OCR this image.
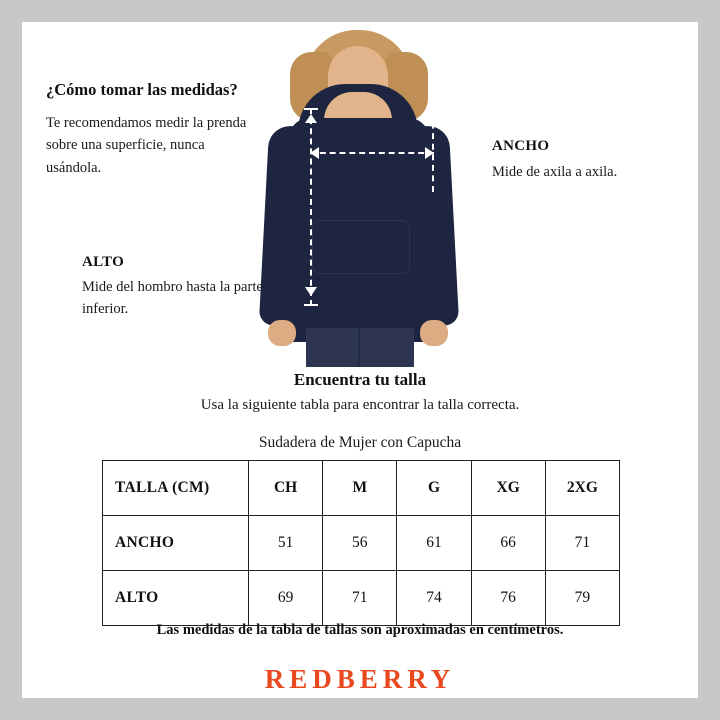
¿Cómo tomar las medidas?
Te recomendamos medir la prenda sobre una superficie, nunca usándola.
ALTO
Mide del hombro hasta la parte inferior.
ANCHO
Mide de axila a axila.
Encuentra tu talla
Usa la siguiente tabla para encontrar la talla correcta.
Sudadera de Mujer con Capucha
TALLA (CM)	CH	M	G	XG	2XG
ANCHO	51	56	61	66	71
ALTO	69	71	74	76	79
Las medidas de la tabla de tallas son aproximadas en centímetros.
REDBERRY
